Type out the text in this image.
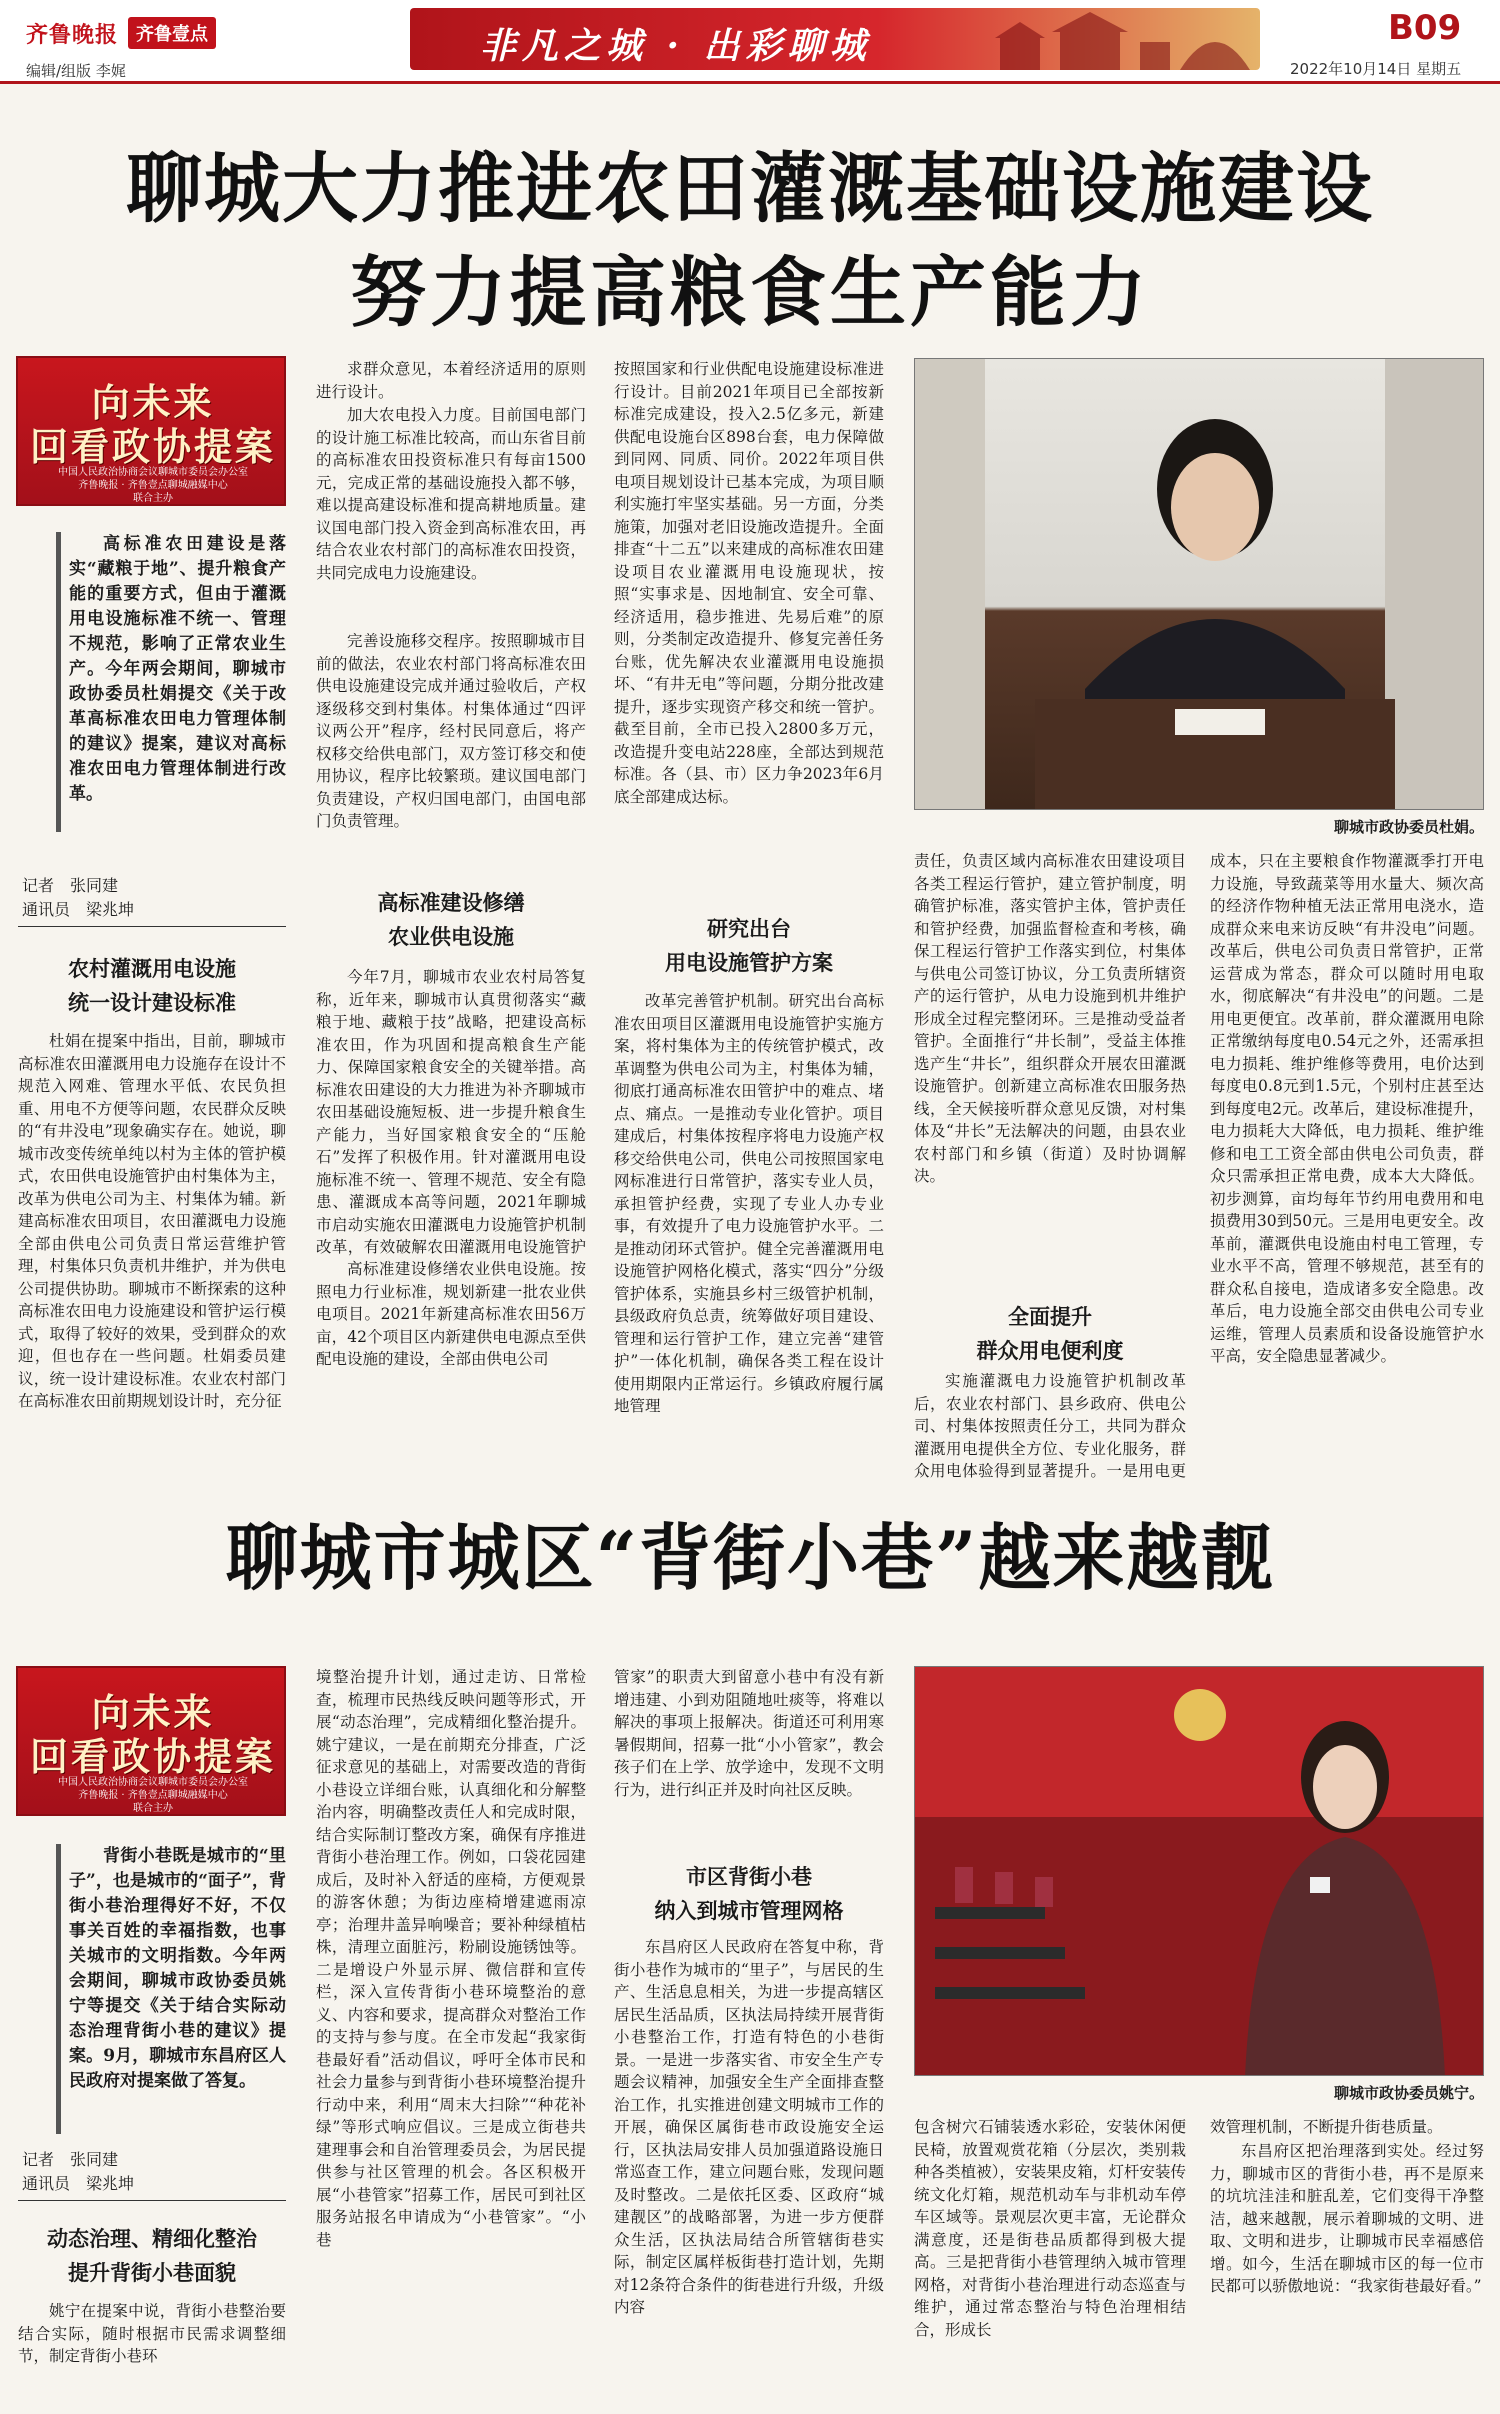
齐鲁晚报	齐鲁壹点
编辑/组版 李娓
非凡之城 · 出彩聊城	B09
2022年10月14日 星期五
聊城大力推进农田灌溉基础设施建设
努力提高粮食生产能力
向未来
回看政协提案
中国人民政治协商会议聊城市委员会办公室
齐鲁晚报 · 齐鲁壹点聊城融媒中心
联合主办
高标准农田建设是落实“藏粮于地”、提升粮食产能的重要方式，但由于灌溉用电设施标准不统一、管理不规范，影响了正常农业生产。今年两会期间，聊城市政协委员杜娟提交《关于改革高标准农田电力管理体制的建议》提案，建议对高标准农田电力管理体制进行改革。
记者　张同建
通讯员　梁兆坤
农村灌溉用电设施
统一设计建设标准
杜娟在提案中指出，目前，聊城市高标准农田灌溉用电力设施存在设计不规范入网难、管理水平低、农民负担重、用电不方便等问题，农民群众反映的“有井没电”现象确实存在。她说，聊城市改变传统单纯以村为主体的管护模式，农田供电设施管护由村集体为主，改革为供电公司为主、村集体为辅。新建高标准农田项目，农田灌溉电力设施全部由供电公司负责日常运营维护管理，村集体只负责机井维护，并为供电公司提供协助。聊城市不断探索的这种高标准农田电力设施建设和管护运行模式，取得了较好的效果，受到群众的欢迎，但也存在一些问题。杜娟委员建议，统一设计建设标准。农业农村部门在高标准农田前期规划设计时，充分征
求群众意见，本着经济适用的原则进行设计。
加大农电投入力度。目前国电部门的设计施工标准比较高，而山东省目前的高标准农田投资标准只有每亩1500元，完成正常的基础设施投入都不够，难以提高建设标准和提高耕地质量。建议国电部门投入资金到高标准农田，再结合农业农村部门的高标准农田投资，共同完成电力设施建设。
完善设施移交程序。按照聊城市目前的做法，农业农村部门将高标准农田供电设施建设完成并通过验收后，产权逐级移交到村集体。村集体通过“四评议两公开”程序，经村民同意后，将产权移交给供电部门，双方签订移交和使用协议，程序比较繁琐。建议国电部门负责建设，产权归国电部门，由国电部门负责管理。
高标准建设修缮
农业供电设施
今年7月，聊城市农业农村局答复称，近年来，聊城市认真贯彻落实“藏粮于地、藏粮于技”战略，把建设高标准农田，作为巩固和提高粮食生产能力、保障国家粮食安全的关键举措。高标准农田建设的大力推进为补齐聊城市农田基础设施短板、进一步提升粮食生产能力，当好国家粮食安全的“压舱石”发挥了积极作用。针对灌溉用电设施标准不统一、管理不规范、安全有隐患、灌溉成本高等问题，2021年聊城市启动实施农田灌溉电力设施管护机制改革，有效破解农田灌溉用电设施管护
高标准建设修缮农业供电设施。按照电力行业标准，规划新建一批农业供电项目。2021年新建高标准农田56万亩，42个项目区内新建供电电源点至供配电设施的建设，全部由供电公司
按照国家和行业供配电设施建设标准进行设计。目前2021年项目已全部按新标准完成建设，投入2.5亿多元，新建供配电设施台区898台套，电力保障做到同网、同质、同价。2022年项目供电项目规划设计已基本完成，为项目顺利实施打牢坚实基础。另一方面，分类施策，加强对老旧设施改造提升。全面排查“十二五”以来建成的高标准农田建设项目农业灌溉用电设施现状，按照“实事求是、因地制宜、安全可靠、经济适用，稳步推进、先易后难”的原则，分类制定改造提升、修复完善任务台账，优先解决农业灌溉用电设施损坏、“有井无电”等问题，分期分批改建提升，逐步实现资产移交和统一管护。截至目前，全市已投入2800多万元，改造提升变电站228座，全部达到规范标准。各（县、市）区力争2023年6月底全部建成达标。
研究出台
用电设施管护方案
改革完善管护机制。研究出台高标准农田项目区灌溉用电设施管护实施方案，将村集体为主的传统管护模式，改革调整为供电公司为主，村集体为辅，彻底打通高标准农田管护中的难点、堵点、痛点。一是推动专业化管护。项目建成后，村集体按程序将电力设施产权移交给供电公司，供电公司按照国家电网标准进行日常管护，落实专业人员，承担管护经费，实现了专业人办专业事，有效提升了电力设施管护水平。二是推动闭环式管护。健全完善灌溉用电设施管护网格化模式，落实“四分”分级管护体系，实施县乡村三级管护机制，县级政府负总责，统筹做好项目建设、管理和运行管护工作，建立完善“建管护”一体化机制，确保各类工程在设计使用期限内正常运行。乡镇政府履行属地管理
聊城市政协委员杜娟。
责任，负责区域内高标准农田建设项目各类工程运行管护，建立管护制度，明确管护标准，落实管护主体，管护责任和管护经费，加强监督检查和考核，确保工程运行管护工作落实到位，村集体与供电公司签订协议，分工负责所辖资产的运行管护，从电力设施到机井维护形成全过程完整闭环。三是推动受益者管护。全面推行“井长制”，受益主体推选产生“井长”，组织群众开展农田灌溉设施管护。创新建立高标准农田服务热线，全天候接听群众意见反馈，对村集体及“井长”无法解决的问题，由县农业农村部门和乡镇（街道）及时协调解决。
全面提升
群众用电便利度
实施灌溉电力设施管护机制改革后，农业农村部门、县乡政府、供电公司、村集体按照责任分工，共同为群众灌溉用电提供全方位、专业化服务，群众用电体验得到显著提升。一是用电更
成本，只在主要粮食作物灌溉季打开电力设施，导致蔬菜等用水量大、频次高的经济作物种植无法正常用电浇水，造成群众来电来访反映“有井没电”问题。改革后，供电公司负责日常管护，正常运营成为常态，群众可以随时用电取水，彻底解决“有井没电”的问题。二是用电更便宜。改革前，群众灌溉用电除正常缴纳每度电0.54元之外，还需承担电力损耗、维护维修等费用，电价达到每度电0.8元到1.5元，个别村庄甚至达到每度电2元。改革后，建设标准提升，电力损耗大大降低，电力损耗、维护维修和电工工资全部由供电公司负责，群众只需承担正常电费，成本大大降低。初步测算，亩均每年节约用电费用和电损费用30到50元。三是用电更安全。改革前，灌溉供电设施由村电工管理，专业水平不高，管理不够规范，甚至有的群众私自接电，造成诸多安全隐患。改革后，电力设施全部交由供电公司专业运维，管理人员素质和设备设施管护水平高，安全隐患显著减少。
聊城市城区“背街小巷”越来越靓
向未来
回看政协提案
中国人民政治协商会议聊城市委员会办公室
齐鲁晚报 · 齐鲁壹点聊城融媒中心
联合主办
背街小巷既是城市的“里子”，也是城市的“面子”，背街小巷治理得好不好，不仅事关百姓的幸福指数，也事关城市的文明指数。今年两会期间，聊城市政协委员姚宁等提交《关于结合实际动态治理背街小巷的建议》提案。9月，聊城市东昌府区人民政府对提案做了答复。
记者　张同建
通讯员　梁兆坤
动态治理、精细化整治
提升背街小巷面貌
姚宁在提案中说，背街小巷整治要结合实际，随时根据市民需求调整细节，制定背街小巷环
境整治提升计划，通过走访、日常检查，梳理市民热线反映问题等形式，开展“动态治理”，完成精细化整治提升。姚宁建议，一是在前期充分排查，广泛征求意见的基础上，对需要改造的背街小巷设立详细台账，认真细化和分解整治内容，明确整改责任人和完成时限，结合实际制订整改方案，确保有序推进背街小巷治理工作。例如，口袋花园建成后，及时补入舒适的座椅，方便观景的游客休憩；为街边座椅增建遮雨凉亭；治理井盖异响噪音；要补种绿植枯株，清理立面脏污，粉刷设施锈蚀等。二是增设户外显示屏、微信群和宣传栏，深入宣传背街小巷环境整治的意义、内容和要求，提高群众对整治工作的支持与参与度。在全市发起“我家街巷最好看”活动倡议，呼吁全体市民和社会力量参与到背街小巷环境整治提升行动中来，利用“周末大扫除”“种花补绿”等形式响应倡议。三是成立街巷共建理事会和自治管理委员会，为居民提供参与社区管理的机会。各区积极开展“小巷管家”招募工作，居民可到社区服务站报名申请成为“小巷管家”。“小巷
管家”的职责大到留意小巷中有没有新增违建、小到劝阻随地吐痰等，将难以解决的事项上报解决。街道还可利用寒暑假期间，招募一批“小小管家”，教会孩子们在上学、放学途中，发现不文明行为，进行纠正并及时向社区反映。
市区背街小巷
纳入到城市管理网格
东昌府区人民政府在答复中称，背街小巷作为城市的“里子”，与居民的生产、生活息息相关，为进一步提高辖区居民生活品质，区执法局持续开展背街小巷整治工作，打造有特色的小巷街景。一是进一步落实省、市安全生产专题会议精神，加强安全生产全面排查整治工作，扎实推进创建文明城市工作的开展，确保区属街巷市政设施安全运行，区执法局安排人员加强道路设施日常巡查工作，建立问题台账，发现问题及时整改。二是依托区委、区政府“城建靓区”的战略部署，为进一步方便群众生活，区执法局结合所管辖街巷实际，制定区属样板街巷打造计划，先期对12条符合条件的街巷进行升级，升级内容
聊城市政协委员姚宁。
包含树穴石铺装透水彩砼，安装休闲便民椅，放置观赏花箱（分层次，类别栽种各类植被），安装果皮箱，灯杆安装传统文化灯箱，规范机动车与非机动车停车区域等。景观层次更丰富，无论群众满意度，还是街巷品质都得到极大提高。三是把背街小巷管理纳入城市管理网格，对背街小巷治理进行动态巡查与维护，通过常态整治与特色治理相结合，形成长
效管理机制，不断提升街巷质量。
东昌府区把治理落到实处。经过努力，聊城市区的背街小巷，再不是原来的坑坑洼洼和脏乱差，它们变得干净整洁，越来越靓，展示着聊城的文明、进取、文明和进步，让聊城市民幸福感倍增。如今，生活在聊城市区的每一位市民都可以骄傲地说：“我家街巷最好看。”
